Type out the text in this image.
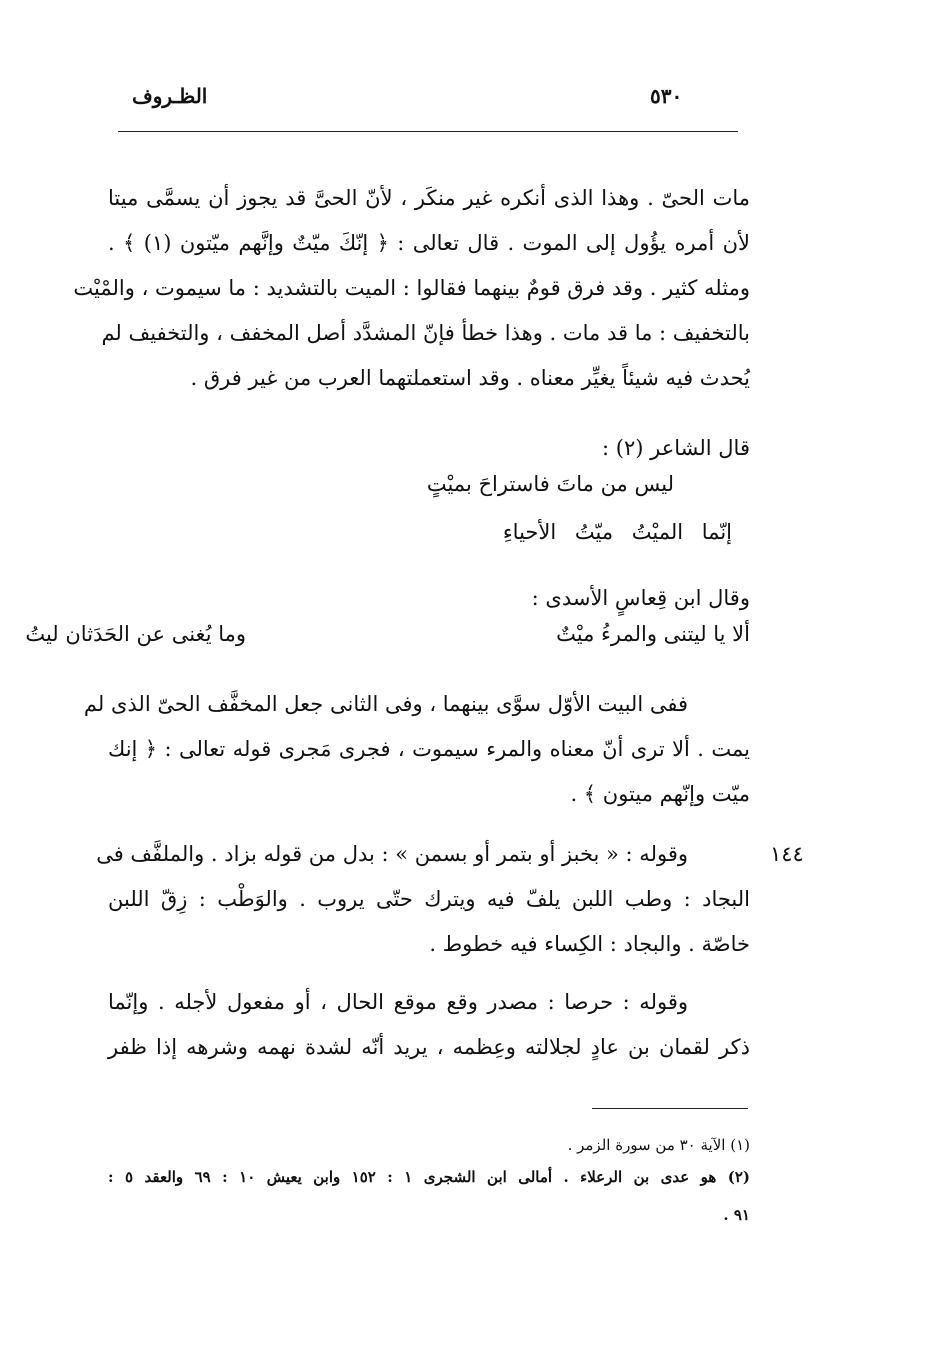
الظـروف	٥٣٠
مات الحىّ . وهذا الذى أنكره غير منكَر ، لأنّ الحىَّ قد يجوز أن يسمَّى ميتا
لأن أمره يؤُول إلى الموت . قال تعالى : ﴿ إنّكَ ميّتٌ وإنَّهم ميّتون (١) ﴾ .
ومثله كثير . وقد فرق قومٌ بينهما فقالوا : الميت بالتشديد : ما سيموت ، والمْيْت
بالتخفيف : ما قد مات . وهذا خطأ فإنّ المشدَّد أصل المخفف ، والتخفيف لم
يُحدث فيه شيئاً يغيِّر معناه . وقد استعملتهما العرب من غير فرق .
قال الشاعر (٢) :
ليس من ماتَ فاستراحَ بميْتٍ
إنّما الميْتُ ميّتُ الأحياءِ
وقال ابن قِعاسٍ الأسدى :
ألا يا ليتنى والمرءُ ميْتٌ
وما يُغنى عن الحَدَثان ليتُ
ففى البيت الأوّل سوَّى بينهما ، وفى الثانى جعل المخفَّف الحىّ الذى لم
يمت . ألا ترى أنّ معناه والمرء سيموت ، فجرى مَجرى قوله تعالى : ﴿ إنك
ميّت وإنّهم ميتون ﴾ .
١٤٤
وقوله : « بخبز أو بتمر أو بسمن » : بدل من قوله بزاد . والملفَّف فى
البجاد : وطب اللبن يلفّ فيه ويترك حتّى يروب . والوَطْب : زِقّ اللبن
خاصّة . والبجاد : الكِساء فيه خطوط .
وقوله : حرصا : مصدر وقع موقع الحال ، أو مفعول لأجله . وإنّما
ذكر لقمان بن عادٍ لجلالته وعِظمه ، يريد أنّه لشدة نهمه وشرهه إذا ظفر
(١) الآية ٣٠ من سورة الزمر .
(٢) هو عدى بن الرعلاء . أمالى ابن الشجرى ١ : ١٥٢ وابن يعيش ١٠ : ٦٩ والعقد ٥ :
٩١ .
